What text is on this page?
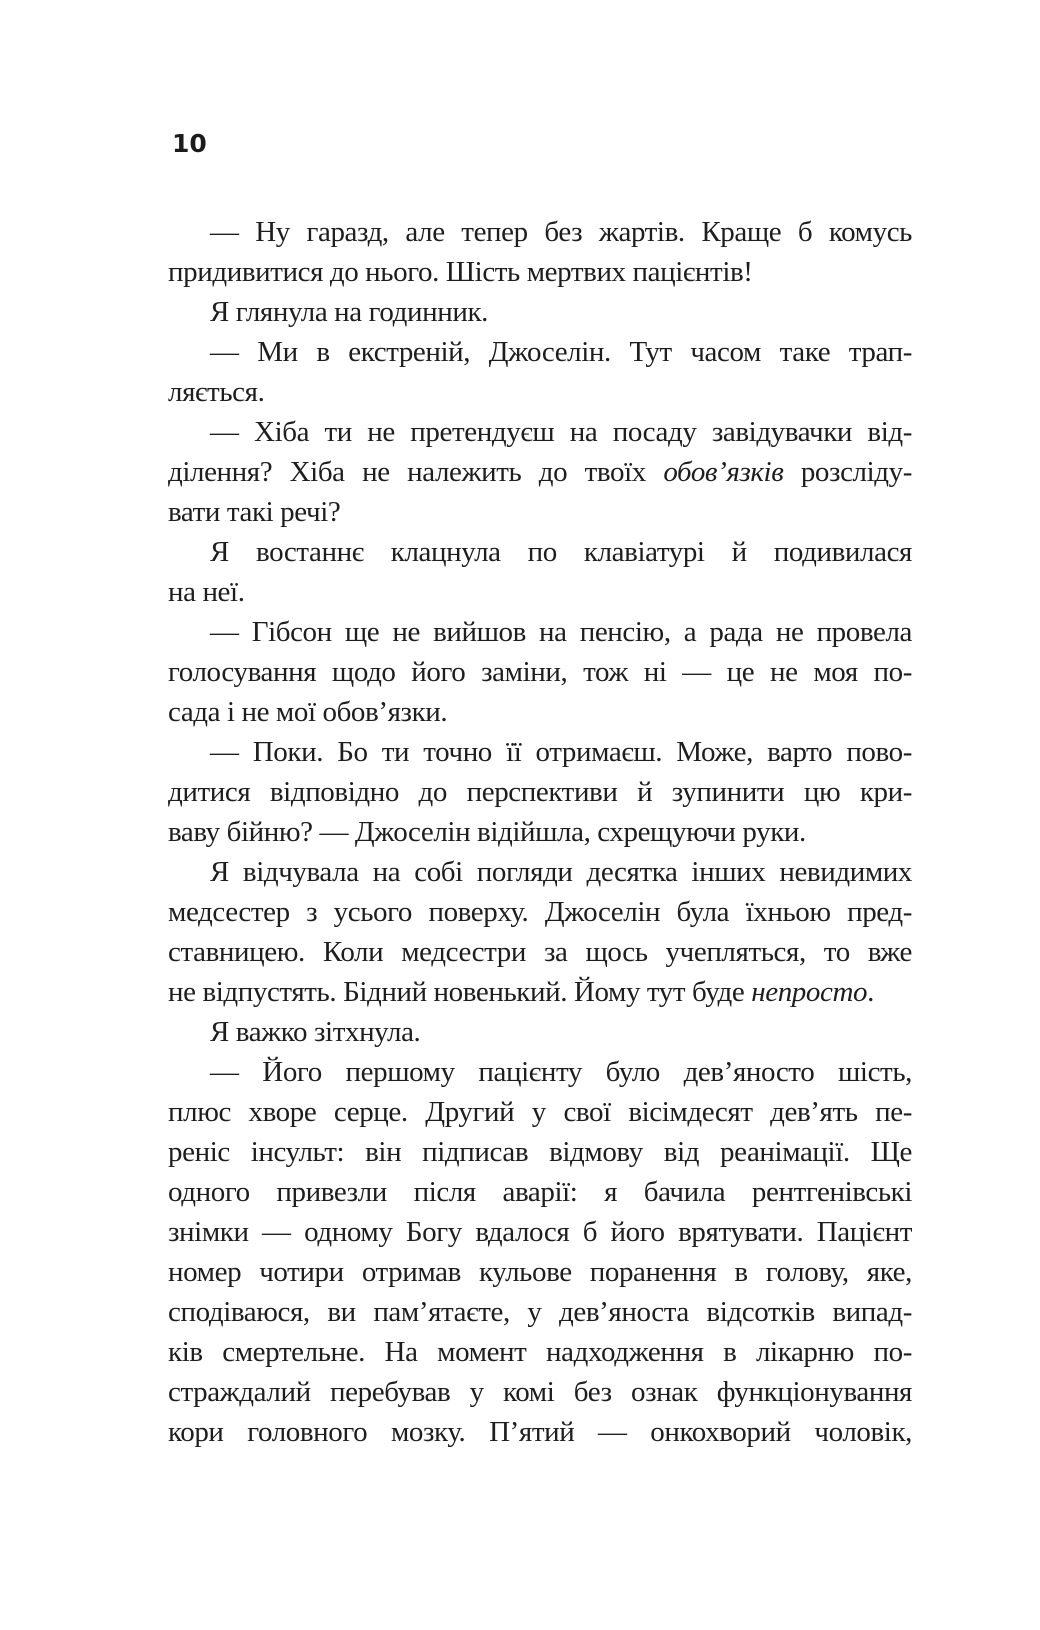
10
— Ну гаразд, але тепер без жартів. Краще б комусь
придивитися до нього. Шість мертвих пацієнтів!
Я глянула на годинник.
— Ми в екстреній, Джоселін. Тут часом таке трап-
ляється.
— Хіба ти не претендуєш на посаду завідувачки від-
ділення? Хіба не належить до твоїх обов’язків розсліду-
вати такі речі?
Я востаннє клацнула по клавіатурі й подивилася
на неї.
— Гібсон ще не вийшов на пенсію, а рада не провела
голосування щодо його заміни, тож ні — це не моя по-
сада і не мої обов’язки.
— Поки. Бо ти точно її отримаєш. Може, варто пово-
дитися відповідно до перспективи й зупинити цю кри-
ваву бійню? — Джоселін відійшла, схрещуючи руки.
Я відчувала на собі погляди десятка інших невидимих
медсестер з усього поверху. Джоселін була їхньою пред-
ставницею. Коли медсестри за щось учепляться, то вже
не відпустять. Бідний новенький. Йому тут буде непросто.
Я важко зітхнула.
— Його першому пацієнту було дев’яносто шість,
плюс хворе серце. Другий у свої вісімдесят дев’ять пе-
реніс інсульт: він підписав відмову від реанімації. Ще
одного привезли після аварії: я бачила рентгенівські
знімки — одному Богу вдалося б його врятувати. Пацієнт
номер чотири отримав кульове поранення в голову, яке,
сподіваюся, ви пам’ятаєте, у дев’яноста відсотків випад-
ків смертельне. На момент надходження в лікарню по-
страждалий перебував у комі без ознак функціонування
кори головного мозку. П’ятий — онкохворий чоловік,
